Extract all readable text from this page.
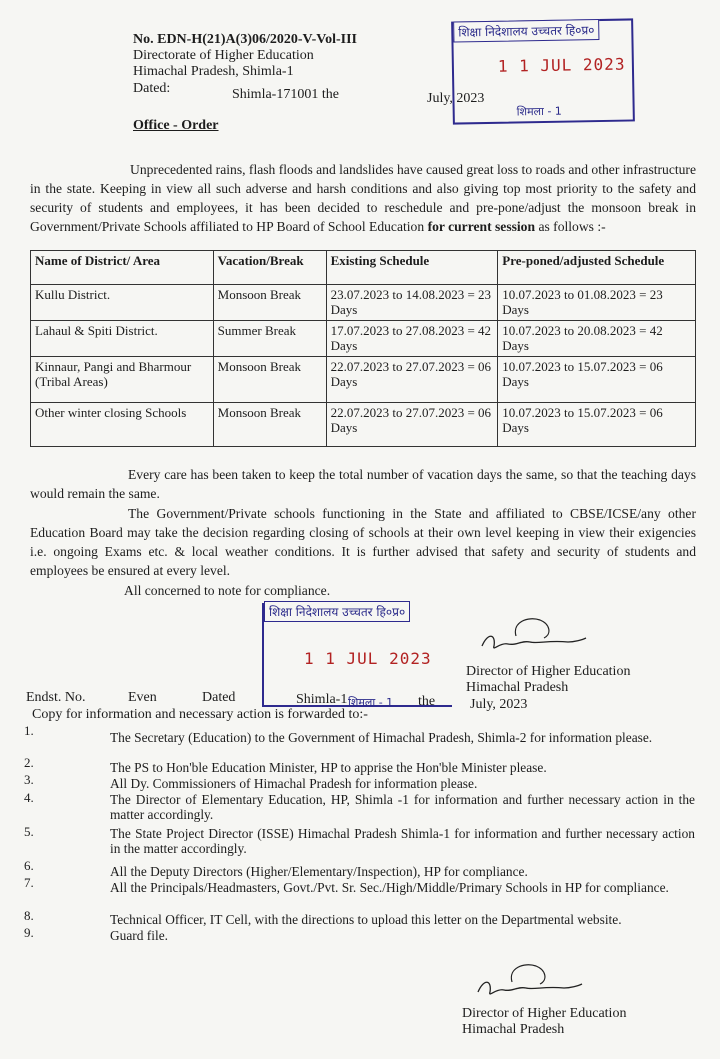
No. EDN-H(21)A(3)06/2020-V-Vol-III
Directorate of Higher Education
Himachal Pradesh, Shimla-1
Dated:	Shimla-171001 the	July, 2023
शिक्षा निदेशालय उच्चतर हि०प्र०
1 1 JUL 2023
शिमला - 1
Office - Order
Unprecedented rains, flash floods and landslides have caused great loss to roads and other infrastructure in the state. Keeping in view all such adverse and harsh conditions and also giving top most priority to the safety and security of students and employees, it has been decided to reschedule and pre-pone/adjust the monsoon break in Government/Private Schools affiliated to HP Board of School Education for current session as follows :-
Name of District/ Area	Vacation/Break	Existing Schedule	Pre-poned/adjusted Schedule
Kullu District.	Monsoon Break	23.07.2023 to 14.08.2023 = 23 Days	10.07.2023 to 01.08.2023 = 23 Days
Lahaul & Spiti District.	Summer Break	17.07.2023 to 27.08.2023 = 42 Days	10.07.2023 to 20.08.2023 = 42 Days
Kinnaur, Pangi and Bharmour (Tribal Areas)	Monsoon Break	22.07.2023 to 27.07.2023 = 06 Days	10.07.2023 to 15.07.2023 = 06 Days
Other winter closing Schools	Monsoon Break	22.07.2023 to 27.07.2023 = 06 Days	10.07.2023 to 15.07.2023 = 06 Days
Every care has been taken to keep the total number of vacation days the same, so that the teaching days would remain the same.
The Government/Private schools functioning in the State and affiliated to CBSE/ICSE/any other Education Board may take the decision regarding closing of schools at their own level keeping in view their exigencies i.e. ongoing Exams etc. & local weather conditions. It is further advised that safety and security of students and employees be ensured at every level.
All concerned to note for compliance.
शिक्षा निदेशालय उच्चतर हि०प्र०
1 1 JUL 2023
शिमला - 1
Director of Higher Education
Himachal Pradesh
July, 2023
Endst. No.	Even	Dated	Shimla-1	the
Copy for information and necessary action is forwarded to:-
1.	The Secretary (Education) to the Government of Himachal Pradesh, Shimla-2 for information please.
2.	The PS to Hon'ble Education Minister, HP to apprise the Hon'ble Minister please.
3.	All Dy. Commissioners of Himachal Pradesh for information please.
4.	The Director of Elementary Education, HP, Shimla -1 for information and further necessary action in the matter accordingly.
5.	The State Project Director (ISSE) Himachal Pradesh Shimla-1 for information and further necessary action in the matter accordingly.
6.	All the Deputy Directors (Higher/Elementary/Inspection), HP for compliance.
7.	All the Principals/Headmasters, Govt./Pvt. Sr. Sec./High/Middle/Primary Schools in HP for compliance.
8.	Technical Officer, IT Cell, with the directions to upload this letter on the Departmental website.
9.	Guard file.
Director of Higher Education
Himachal Pradesh
